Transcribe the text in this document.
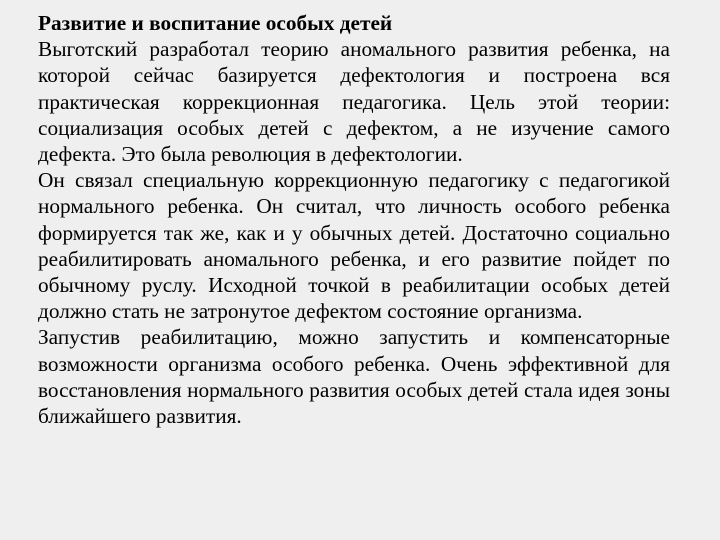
Развитие и воспитание особых детей

Выготский разработал теорию аномального развития ребенка, на которой сейчас базируется дефектология и построена вся практическая коррекционная педагогика. Цель этой теории: социализация особых детей с дефектом, а не изучение самого дефекта. Это была революция в дефектологии.

Он связал специальную коррекционную педагогику с педагогикой нормального ребенка. Он считал, что личность особого ребенка формируется так же, как и у обычных детей. Достаточно социально реабилитировать аномального ребенка, и его развитие пойдет по обычному руслу. Исходной точкой в реабилитации особых детей должно стать не затронутое дефектом состояние организма.

Запустив реабилитацию, можно запустить и компенсаторные возможности организма особого ребенка. Очень эффективной для восстановления нормального развития особых детей стала идея зоны ближайшего развития.
